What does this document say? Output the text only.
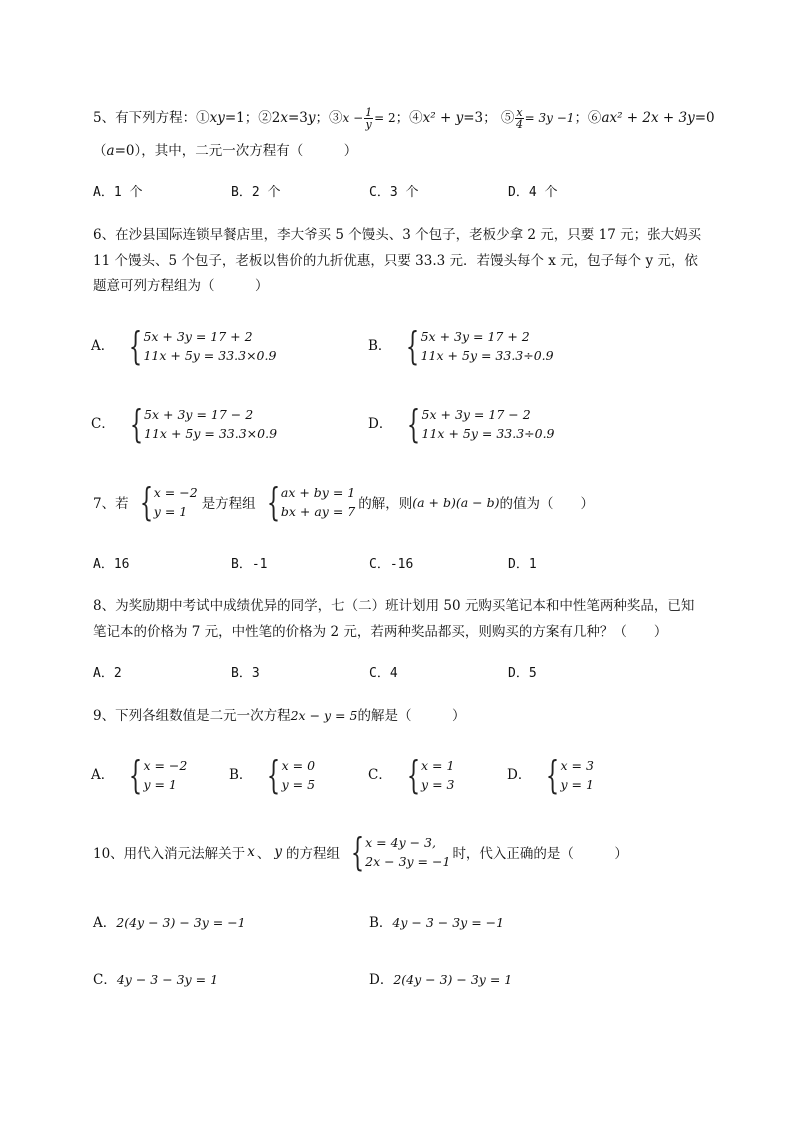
5、有下列方程：①xy=1；②2x=3y；③x − $\frac{1}{y} = 2$；④x² + y=3； ⑤ $\frac{x}{4} = 3y -1$；⑥ax² + 2x + 3y=0
（a=0），其中，二元一次方程有（　　　）
A．1 个	B．2 个	C．3 个	D．4 个
6、在沙县国际连锁早餐店里，李大爷买 5 个馒头、3 个包子，老板少拿 2 元，只要 17 元；张大妈买
11 个馒头、5 个包子，老板以售价的九折优惠，只要 33.3 元．若馒头每个 x 元，包子每个 y 元，依
题意可列方程组为（　　　）
A． { 5x + 3y = 17 + 2
11x + 5y = 33.3×0.9
B． { 5x + 3y = 17 + 2
11x + 5y = 33.3÷0.9
C． { 5x + 3y = 17 − 2
11x + 5y = 33.3×0.9
D． { 5x + 3y = 17 − 2
11x + 5y = 33.3÷0.9
7、若 { x = −2
y = 1	是方程组 { ax + by = 1
bx + ay = 7 的解，则 (a + b)(a − b) 的值为（　　）
A．16	B．-1	C．-16	D．1
8、为奖励期中考试中成绩优异的同学，七（二）班计划用 50 元购买笔记本和中性笔两种奖品，已知
笔记本的价格为 7 元，中性笔的价格为 2 元，若两种奖品都买，则购买的方案有几种？（　　）
A．2	B．3	C．4	D．5
9、下列各组数值是二元一次方程2x − y = 5的解是（　　　）
A． { x = −2
y = 1
B． { x = 0
y = 5
C． { x = 1
y = 3
D． { x = 3
y = 1
10、用代入消元法解关于 x 、 y 的方程组 { x = 4y − 3,
2x − 3y = −1 时，代入正确的是（　　　）
A．2(4y − 3) − 3y = −1	B．4y − 3 − 3y = −1
C．4y − 3 − 3y = 1	D．2(4y − 3) − 3y = 1
